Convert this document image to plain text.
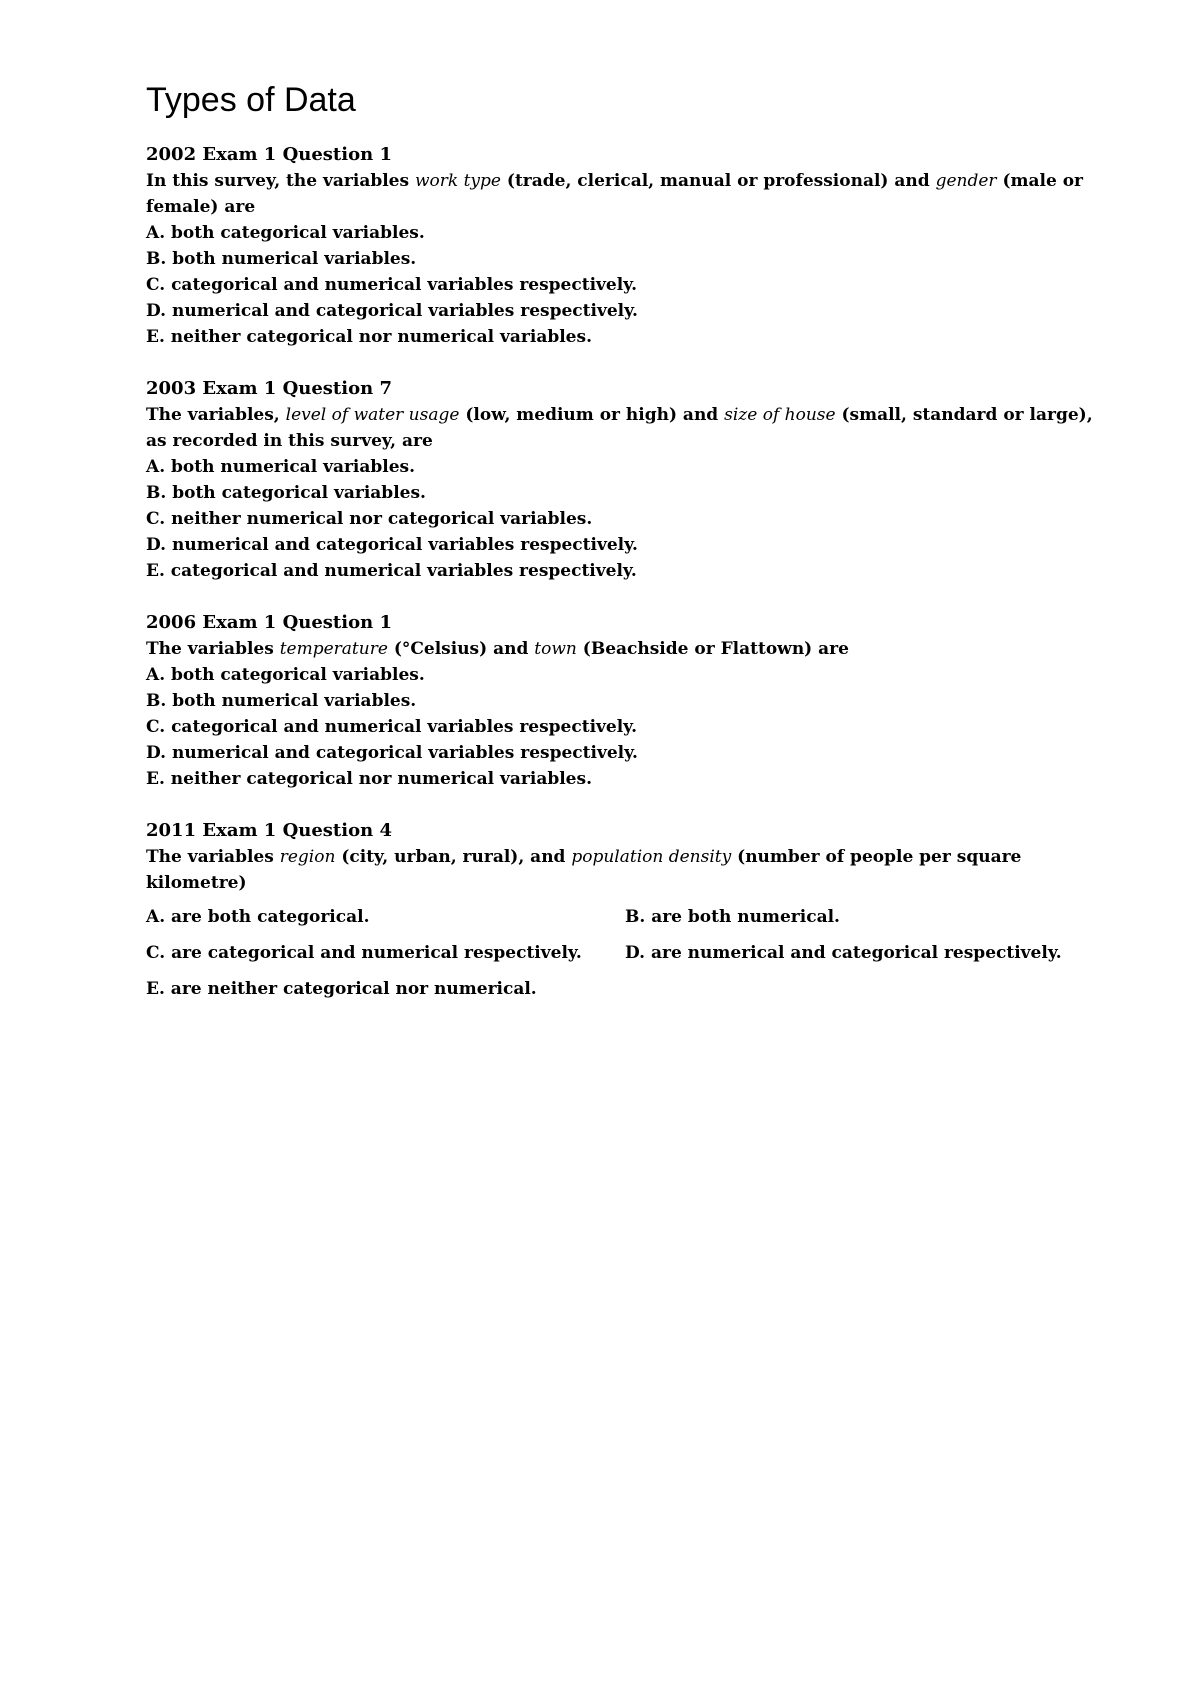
Types of Data
2002 Exam 1 Question 1
In this survey, the variables work type (trade, clerical, manual or professional) and gender (male or female) are
A. both categorical variables.
B. both numerical variables.
C. categorical and numerical variables respectively.
D. numerical and categorical variables respectively.
E. neither categorical nor numerical variables.
2003 Exam 1 Question 7
The variables, level of water usage (low, medium or high) and size of house (small, standard or large), as recorded in this survey, are
A. both numerical variables.
B. both categorical variables.
C. neither numerical nor categorical variables.
D. numerical and categorical variables respectively.
E. categorical and numerical variables respectively.
2006 Exam 1 Question 1
The variables temperature (°Celsius) and town (Beachside or Flattown) are
A. both categorical variables.
B. both numerical variables.
C. categorical and numerical variables respectively.
D. numerical and categorical variables respectively.
E. neither categorical nor numerical variables.
2011 Exam 1 Question 4
The variables region (city, urban, rural), and population density (number of people per square kilometre)
A. are both categorical.	B. are both numerical.
C. are categorical and numerical respectively.	D. are numerical and categorical respectively.
E. are neither categorical nor numerical.
